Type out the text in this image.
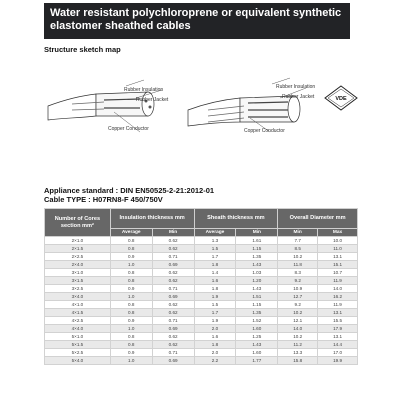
Water resistant polychloroprene or equivalent synthetic
elastomer sheathed cables
Structure sketch map
Rubber Insulation
Rubber Jacket
Copper Conductor
Rubber Insulation
Rubber Jacket
Copper Conductor
VDE
Appliance standard : DIN EN50525-2-21:2012-01
Cable TYPE : H07RN8-F 450/750V
Number of Cores section mm²	Insulation thickness mm		Sheath thickness mm		Overall Diameter mm	
	Average	Min	Average	Min	Min	Max
2×1.0	0.8	0.62	1.3	1.61	7.7	10.0
2×1.5	0.8	0.62	1.5	1.15	8.5	11.0
2×2.5	0.9	0.71	1.7	1.35	10.2	13.1
2×4.0	1.0	0.69	1.8	1.43	11.8	15.1
3×1.0	0.8	0.62	1.4	1.03	8.3	10.7
3×1.5	0.8	0.62	1.6	1.20	9.2	11.9
3×2.5	0.9	0.71	1.8	1.43	10.9	14.0
3×4.0	1.0	0.69	1.9	1.51	12.7	16.2
4×1.0	0.8	0.62	1.5	1.15	9.2	11.9
4×1.5	0.8	0.62	1.7	1.35	10.2	13.1
4×2.5	0.9	0.71	1.9	1.52	12.1	15.5
4×4.0	1.0	0.69	2.0	1.60	14.0	17.9
5×1.0	0.8	0.62	1.6	1.25	10.2	13.1
5×1.5	0.8	0.62	1.8	1.43	11.2	14.4
5×2.5	0.9	0.71	2.0	1.60	13.3	17.0
5×4.0	1.0	0.69	2.2	1.77	15.8	19.9
